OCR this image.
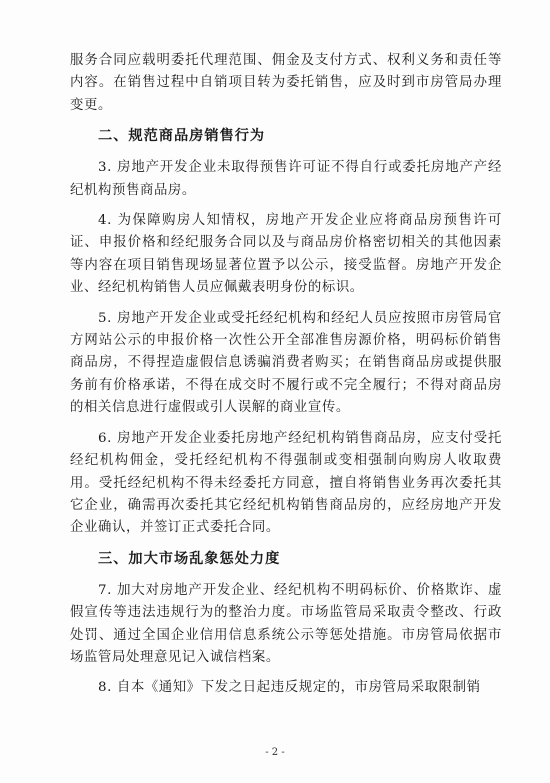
服务合同应载明委托代理范围、佣金及支付方式、权利义务和责任等内容。在销售过程中自销项目转为委托销售，应及时到市房管局办理变更。

二、规范商品房销售行为

3. 房地产开发企业未取得预售许可证不得自行或委托房地产产经纪机构预售商品房。

4. 为保障购房人知情权，房地产开发企业应将商品房预售许可证、申报价格和经纪服务合同以及与商品房价格密切相关的其他因素等内容在项目销售现场显著位置予以公示，接受监督。房地产开发企业、经纪机构销售人员应佩戴表明身份的标识。

5. 房地产开发企业或受托经纪机构和经纪人员应按照市房管局官方网站公示的申报价格一次性公开全部准售房源价格，明码标价销售商品房，不得捏造虚假信息诱骗消费者购买；在销售商品房或提供服务前有价格承诺，不得在成交时不履行或不完全履行；不得对商品房的相关信息进行虚假或引人误解的商业宣传。

6. 房地产开发企业委托房地产经纪机构销售商品房，应支付受托经纪机构佣金，受托经纪机构不得强制或变相强制向购房人收取费用。受托经纪机构不得未经委托方同意，擅自将销售业务再次委托其它企业，确需再次委托其它经纪机构销售商品房的，应经房地产开发企业确认，并签订正式委托合同。

三、加大市场乱象惩处力度

7. 加大对房地产开发企业、经纪机构不明码标价、价格欺诈、虚假宣传等违法违规行为的整治力度。市场监管局采取责令整改、行政处罚、通过全国企业信用信息系统公示等惩处措施。市房管局依据市场监管局处理意见记入诚信档案。

8. 自本《通知》下发之日起违反规定的，市房管局采取限制销

- 2 -
